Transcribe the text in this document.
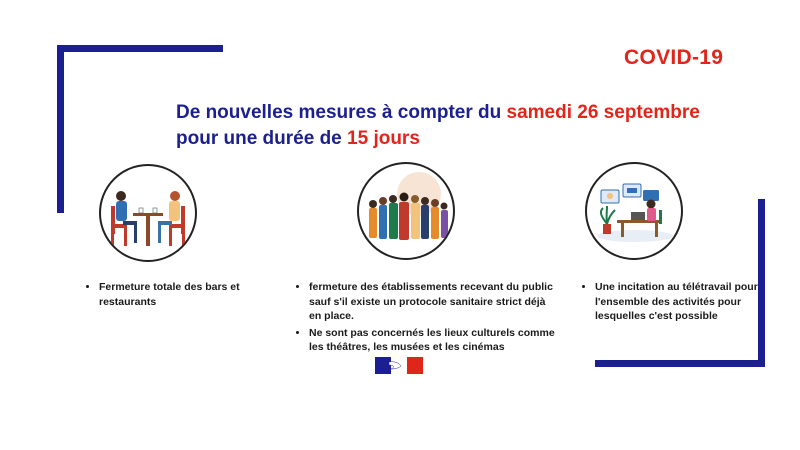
COVID-19
De nouvelles mesures à compter du samedi 26 septembre
pour une durée de 15 jours
• Fermeture totale des bars et restaurants
• fermeture des établissements recevant du public sauf s'il existe un protocole sanitaire strict déjà en place.
• Ne sont pas concernés les lieux culturels comme les théâtres, les musées et les cinémas
• Une incitation au télétravail pour l'ensemble des activités pour lesquelles c'est possible
